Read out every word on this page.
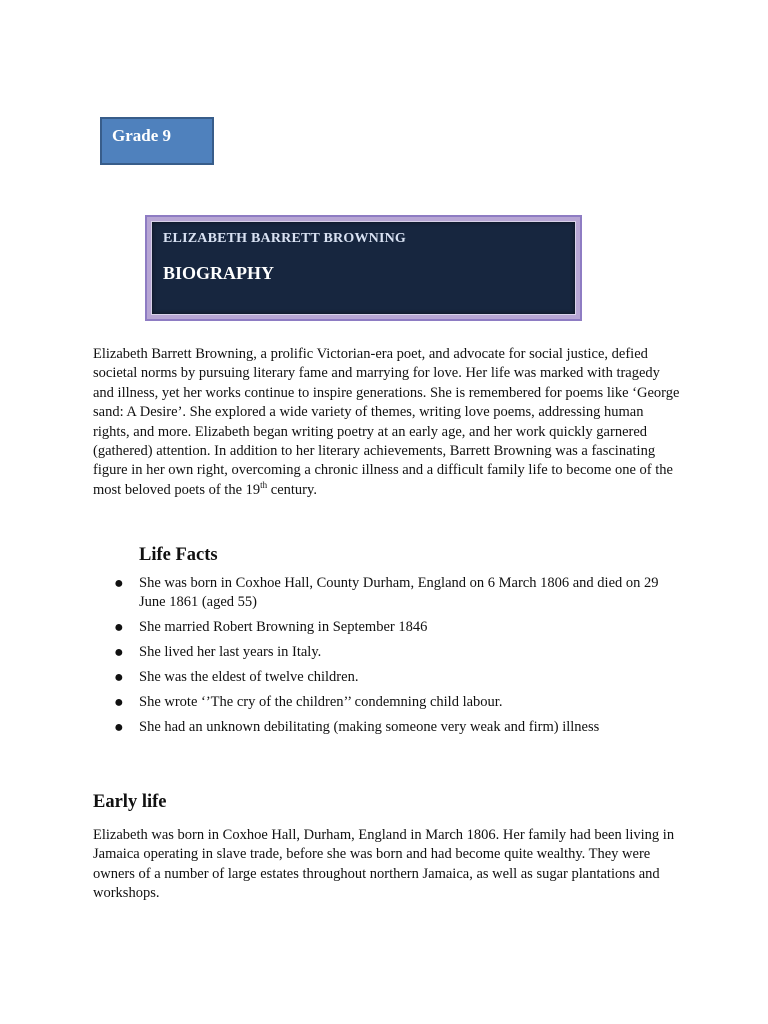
Grade 9
ELIZABETH BARRETT BROWNING
BIOGRAPHY

Elizabeth Barrett Browning, a prolific Victorian-era poet, and advocate for social justice, defied societal norms by pursuing literary fame and marrying for love. Her life was marked with tragedy and illness, yet her works continue to inspire generations. She is remembered for poems like ‘George sand: A Desire’. She explored a wide variety of themes, writing love poems, addressing human rights, and more. Elizabeth began writing poetry at an early age, and her work quickly garnered (gathered) attention. In addition to her literary achievements, Barrett Browning was a fascinating figure in her own right, overcoming a chronic illness and a difficult family life to become one of the most beloved poets of the 19th century.

Life Facts
● She was born in Coxhoe Hall, County Durham, England on 6 March 1806 and died on 29 June 1861 (aged 55)
● She married Robert Browning in September 1846
● She lived her last years in Italy.
● She was the eldest of twelve children.
● She wrote ‘’The cry of the children’’ condemning child labour.
● She had an unknown debilitating (making someone very weak and firm) illness
Early life

Elizabeth was born in Coxhoe Hall, Durham, England in March 1806. Her family had been living in Jamaica operating in slave trade, before she was born and had become quite wealthy. They were owners of a number of large estates throughout northern Jamaica, as well as sugar plantations and workshops.
